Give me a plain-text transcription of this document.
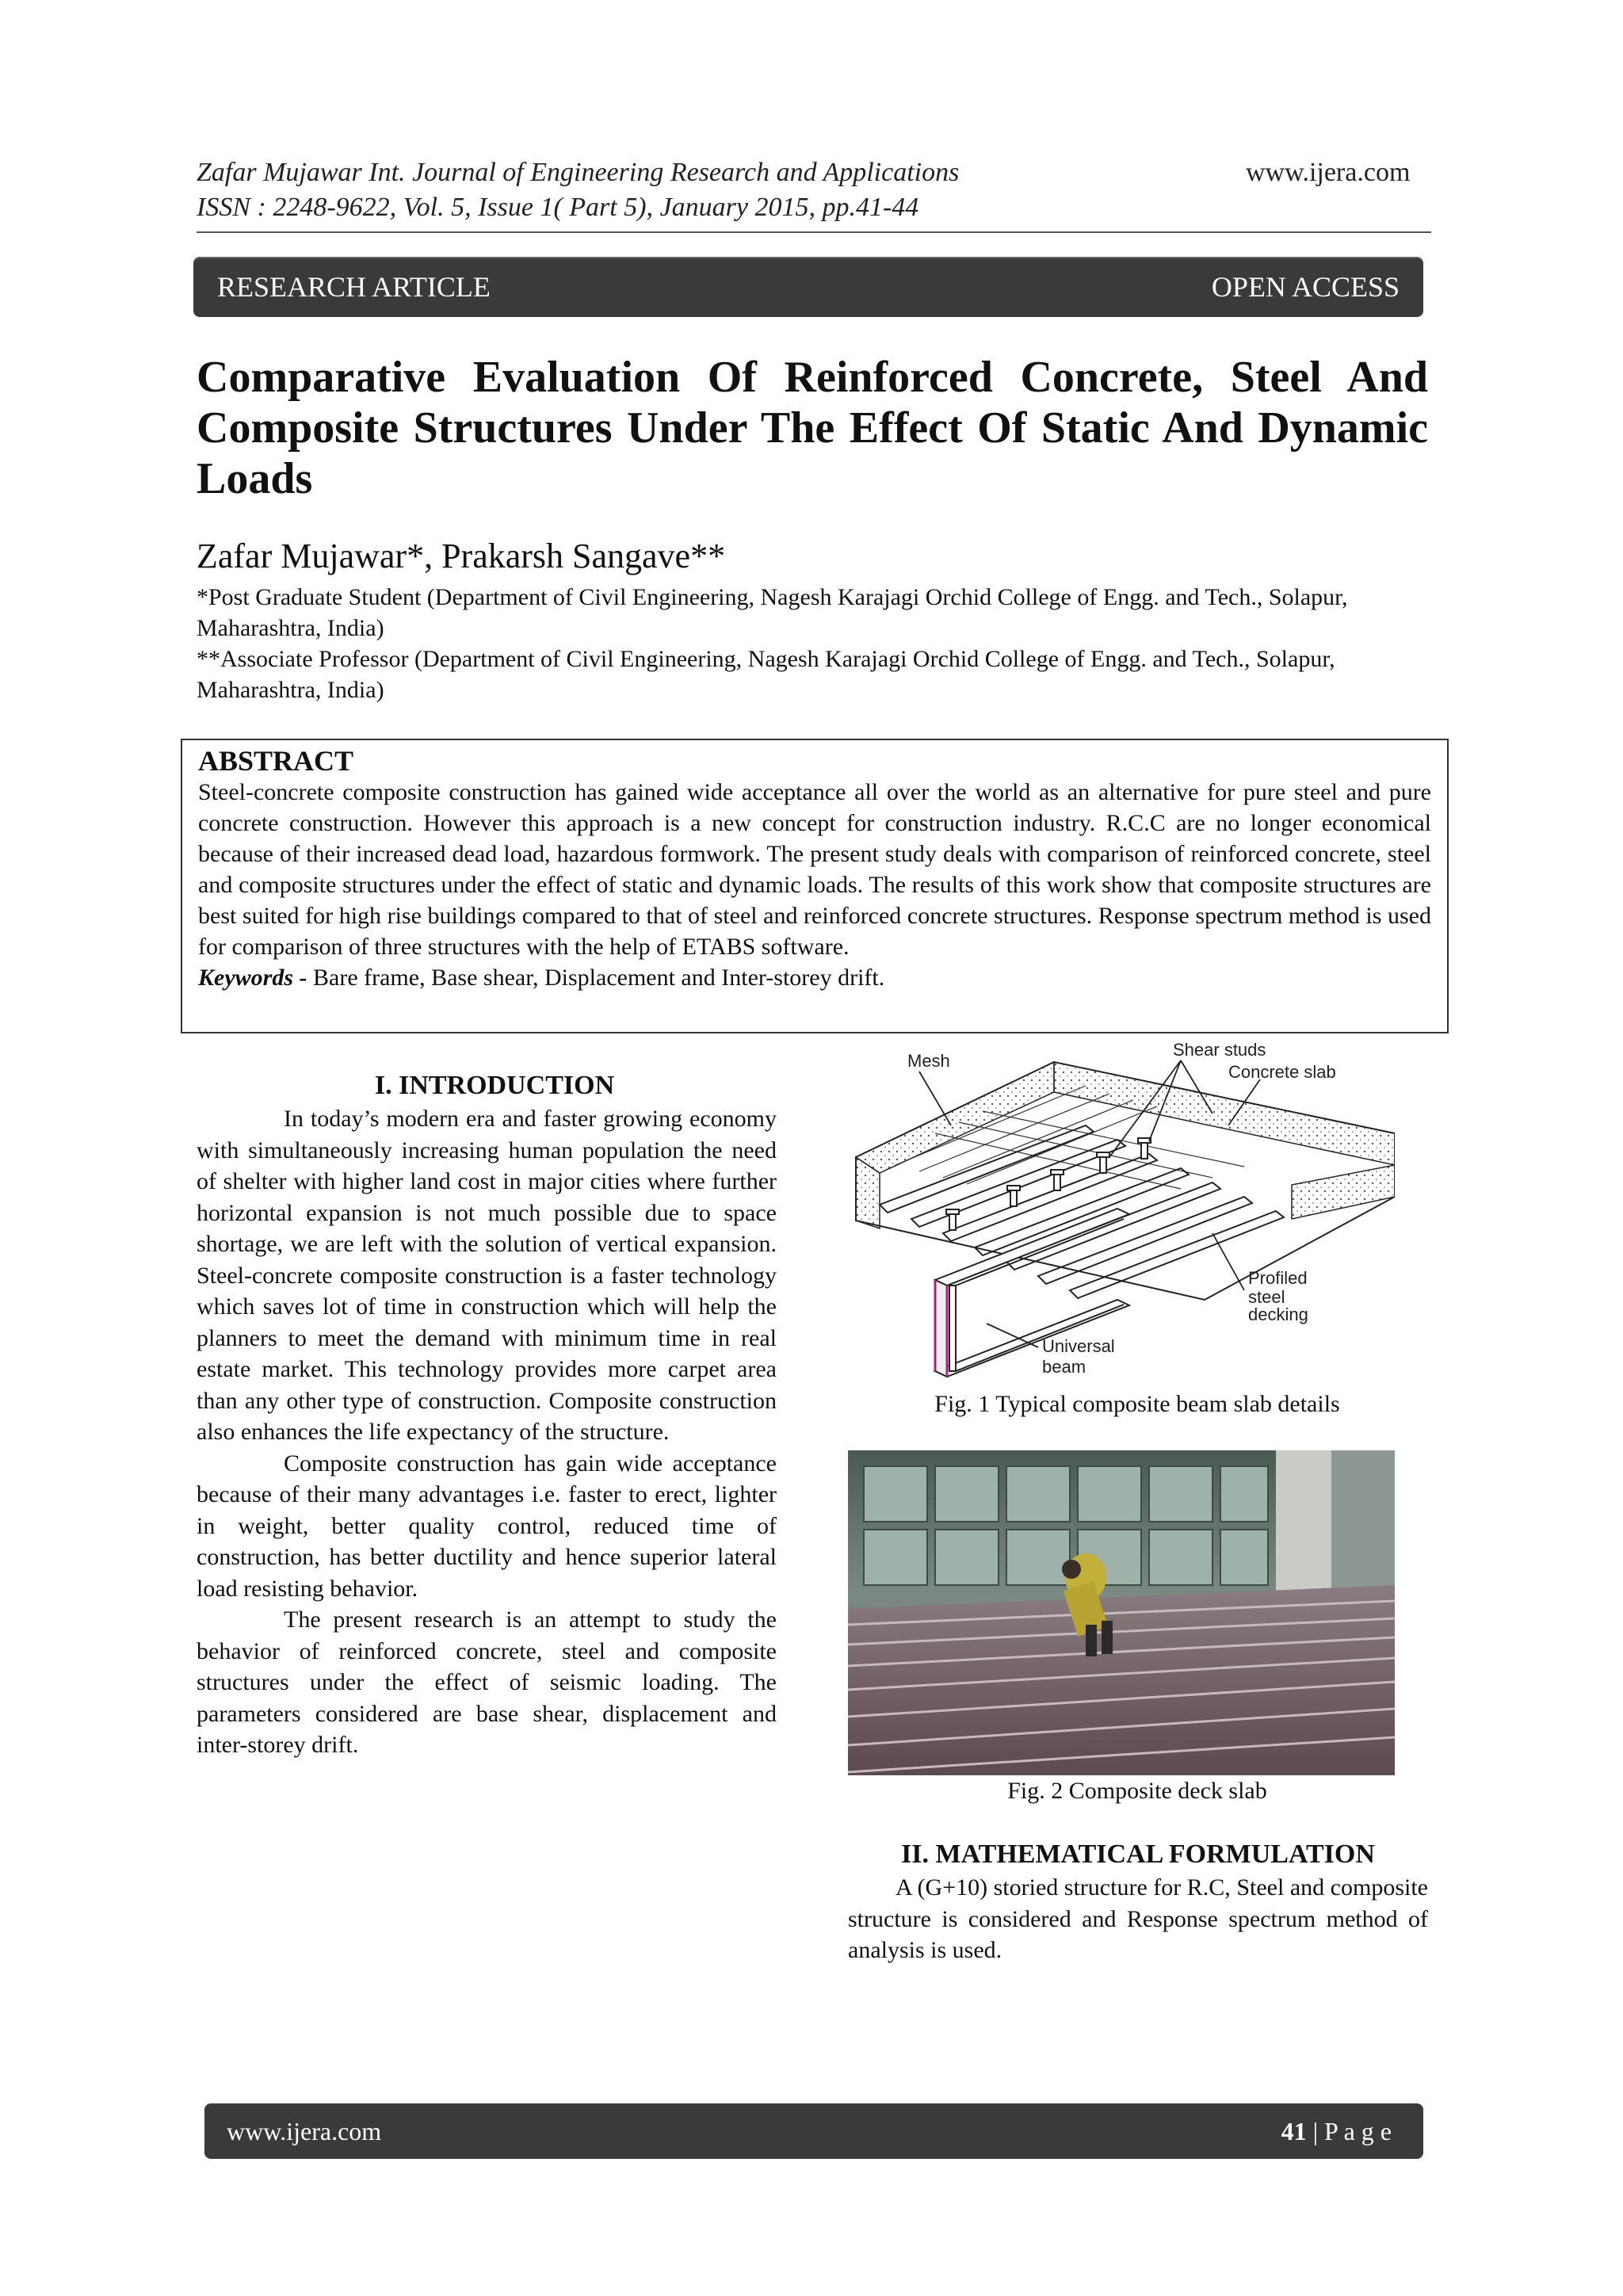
Zafar Mujawar Int. Journal of Engineering Research and Applications
ISSN : 2248-9622, Vol. 5, Issue 1( Part 5), January 2015, pp.41-44
www.ijera.com
RESEARCH ARTICLE	OPEN ACCESS
Comparative Evaluation Of Reinforced Concrete, Steel And Composite Structures Under The Effect Of Static And Dynamic Loads
Zafar Mujawar*, Prakarsh Sangave**
*Post Graduate Student (Department of Civil Engineering, Nagesh Karajagi Orchid College of Engg. and Tech., Solapur, Maharashtra, India)
**Associate Professor (Department of Civil Engineering, Nagesh Karajagi Orchid College of Engg. and Tech., Solapur, Maharashtra, India)
ABSTRACT
Steel-concrete composite construction has gained wide acceptance all over the world as an alternative for pure steel and pure concrete construction. However this approach is a new concept for construction industry. R.C.C are no longer economical because of their increased dead load, hazardous formwork. The present study deals with comparison of reinforced concrete, steel and composite structures under the effect of static and dynamic loads. The results of this work show that composite structures are best suited for high rise buildings compared to that of steel and reinforced concrete structures. Response spectrum method is used for comparison of three structures with the help of ETABS software.
Keywords - Bare frame, Base shear, Displacement and Inter-storey drift.
I. INTRODUCTION

In today’s modern era and faster growing economy with simultaneously increasing human population the need of shelter with higher land cost in major cities where further horizontal expansion is not much possible due to space shortage, we are left with the solution of vertical expansion. Steel-concrete composite construction is a faster technology which saves lot of time in construction which will help the planners to meet the demand with minimum time in real estate market. This technology provides more carpet area than any other type of construction. Composite construction also enhances the life expectancy of the structure.

Composite construction has gain wide acceptance because of their many advantages i.e. faster to erect, lighter in weight, better quality control, reduced time of construction, has better ductility and hence superior lateral load resisting behavior.

The present research is an attempt to study the behavior of reinforced concrete, steel and composite structures under the effect of seismic loading. The parameters considered are base shear, displacement and inter-storey drift.

Shear studs
Mesh
Concrete slab
Profiled
steel
decking
Universal
beam
Fig. 1 Typical composite beam slab details
Fig. 2 Composite deck slab
II. MATHEMATICAL FORMULATION

A (G+10) storied structure for R.C, Steel and composite structure is considered and Response spectrum method of analysis is used.

www.ijera.com	41 | P a g e
